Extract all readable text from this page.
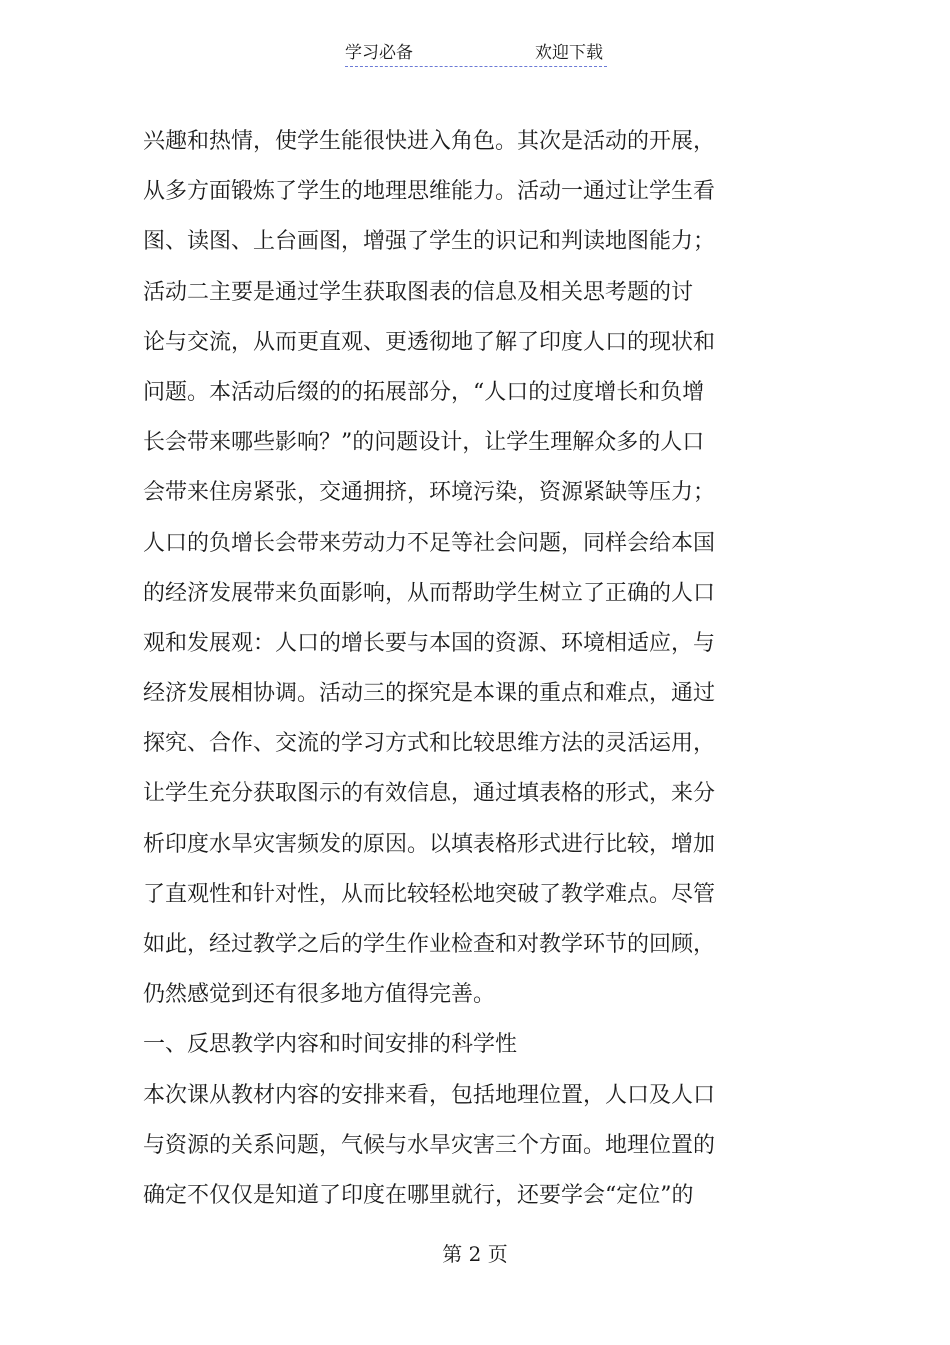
学习必备	欢迎下载
兴趣和热情，使学生能很快进入角色。其次是活动的开展，
从多方面锻炼了学生的地理思维能力。活动一通过让学生看
图、读图、上台画图，增强了学生的识记和判读地图能力；
活动二主要是通过学生获取图表的信息及相关思考题的讨
论与交流，从而更直观、更透彻地了解了印度人口的现状和
问题。本活动后缀的的拓展部分，“人口的过度增长和负增
长会带来哪些影响？”的问题设计，让学生理解众多的人口
会带来住房紧张，交通拥挤，环境污染，资源紧缺等压力；
人口的负增长会带来劳动力不足等社会问题，同样会给本国
的经济发展带来负面影响，从而帮助学生树立了正确的人口
观和发展观：人口的增长要与本国的资源、环境相适应，与
经济发展相协调。活动三的探究是本课的重点和难点，通过
探究、合作、交流的学习方式和比较思维方法的灵活运用，
让学生充分获取图示的有效信息，通过填表格的形式，来分
析印度水旱灾害频发的原因。以填表格形式进行比较，增加
了直观性和针对性，从而比较轻松地突破了教学难点。尽管
如此，经过教学之后的学生作业检查和对教学环节的回顾，
仍然感觉到还有很多地方值得完善。
一、反思教学内容和时间安排的科学性
本次课从教材内容的安排来看，包括地理位置，人口及人口
与资源的关系问题，气候与水旱灾害三个方面。地理位置的
确定不仅仅是知道了印度在哪里就行，还要学会“定位”的
第 2 页
